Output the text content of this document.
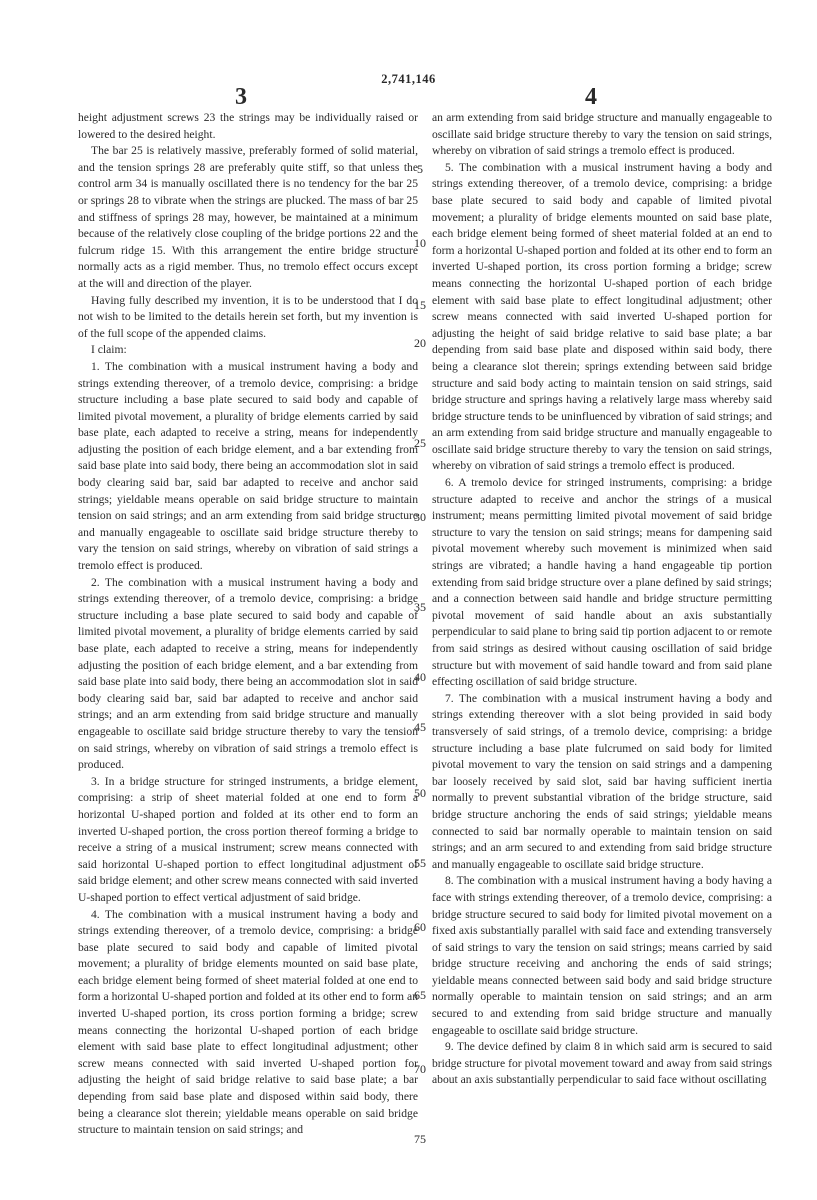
2,741,146
3	4

height adjustment screws 23 the strings may be individually raised or lowered to the desired height.

The bar 25 is relatively massive, preferably formed of solid material, and the tension springs 28 are preferably quite stiff, so that unless the control arm 34 is manually oscillated there is no tendency for the bar 25 or springs 28 to vibrate when the strings are plucked. The mass of bar 25 and stiffness of springs 28 may, however, be maintained at a minimum because of the relatively close coupling of the bridge portions 22 and the fulcrum ridge 15. With this arrangement the entire bridge structure normally acts as a rigid member. Thus, no tremolo effect occurs except at the will and direction of the player.

Having fully described my invention, it is to be understood that I do not wish to be limited to the details herein set forth, but my invention is of the full scope of the appended claims.

I claim:

1. The combination with a musical instrument having a body and strings extending thereover, of a tremolo device, comprising: a bridge structure including a base plate secured to said body and capable of limited pivotal movement, a plurality of bridge elements carried by said base plate, each adapted to receive a string, means for independently adjusting the position of each bridge element, and a bar extending from said base plate into said body, there being an accommodation slot in said body clearing said bar, said bar adapted to receive and anchor said strings; yieldable means operable on said bridge structure to maintain tension on said strings; and an arm extending from said bridge structure and manually engageable to oscillate said bridge structure thereby to vary the tension on said strings, whereby on vibration of said strings a tremolo effect is produced.

2. The combination with a musical instrument having a body and strings extending thereover, of a tremolo device, comprising: a bridge structure including a base plate secured to said body and capable of limited pivotal movement, a plurality of bridge elements carried by said base plate, each adapted to receive a string, means for independently adjusting the position of each bridge element, and a bar extending from said base plate into said body, there being an accommodation slot in said body clearing said bar, said bar adapted to receive and anchor said strings; and an arm extending from said bridge structure and manually engageable to oscillate said bridge structure thereby to vary the tension on said strings, whereby on vibration of said strings a tremolo effect is produced.

3. In a bridge structure for stringed instruments, a bridge element, comprising: a strip of sheet material folded at one end to form a horizontal U-shaped portion and folded at its other end to form an inverted U-shaped portion, the cross portion thereof forming a bridge to receive a string of a musical instrument; screw means connected with said horizontal U-shaped portion to effect longitudinal adjustment of said bridge element; and other screw means connected with said inverted U-shaped portion to effect vertical adjustment of said bridge.

4. The combination with a musical instrument having a body and strings extending thereover, of a tremolo device, comprising: a bridge base plate secured to said body and capable of limited pivotal movement; a plurality of bridge elements mounted on said base plate, each bridge element being formed of sheet material folded at one end to form a horizontal U-shaped portion and folded at its other end to form an inverted U-shaped portion, its cross portion forming a bridge; screw means connecting the horizontal U-shaped portion of each bridge element with said base plate to effect longitudinal adjustment; other screw means connected with said inverted U-shaped portion for adjusting the height of said bridge relative to said base plate; a bar depending from said base plate and disposed within said body, there being a clearance slot therein; yieldable means operable on said bridge structure to maintain tension on said strings; and

an arm extending from said bridge structure and manually engageable to oscillate said bridge structure thereby to vary the tension on said strings, whereby on vibration of said strings a tremolo effect is produced.

5. The combination with a musical instrument having a body and strings extending thereover, of a tremolo device, comprising: a bridge base plate secured to said body and capable of limited pivotal movement; a plurality of bridge elements mounted on said base plate, each bridge element being formed of sheet material folded at an end to form a horizontal U-shaped portion and folded at its other end to form an inverted U-shaped portion, its cross portion forming a bridge; screw means connecting the horizontal U-shaped portion of each bridge element with said base plate to effect longitudinal adjustment; other screw means connected with said inverted U-shaped portion for adjusting the height of said bridge relative to said base plate; a bar depending from said base plate and disposed within said body, there being a clearance slot therein; springs extending between said bridge structure and said body acting to maintain tension on said strings, said bridge structure and springs having a relatively large mass whereby said bridge structure tends to be uninfluenced by vibration of said strings; and an arm extending from said bridge structure and manually engageable to oscillate said bridge structure thereby to vary the tension on said strings, whereby on vibration of said strings a tremolo effect is produced.

6. A tremolo device for stringed instruments, comprising: a bridge structure adapted to receive and anchor the strings of a musical instrument; means permitting limited pivotal movement of said bridge structure to vary the tension on said strings; means for dampening said pivotal movement whereby such movement is minimized when said strings are vibrated; a handle having a hand engageable tip portion extending from said bridge structure over a plane defined by said strings; and a connection between said handle and bridge structure permitting pivotal movement of said handle about an axis substantially perpendicular to said plane to bring said tip portion adjacent to or remote from said strings as desired without causing oscillation of said bridge structure but with movement of said handle toward and from said plane effecting oscillation of said bridge structure.

7. The combination with a musical instrument having a body and strings extending thereover with a slot being provided in said body transversely of said strings, of a tremolo device, comprising: a bridge structure including a base plate fulcrumed on said body for limited pivotal movement to vary the tension on said strings and a dampening bar loosely received by said slot, said bar having sufficient inertia normally to prevent substantial vibration of the bridge structure, said bridge structure anchoring the ends of said strings; yieldable means connected to said bar normally operable to maintain tension on said strings; and an arm secured to and extending from said bridge structure and manually engageable to oscillate said bridge structure.

8. The combination with a musical instrument having a body having a face with strings extending thereover, of a tremolo device, comprising: a bridge structure secured to said body for limited pivotal movement on a fixed axis substantially parallel with said face and extending transversely of said strings to vary the tension on said strings; means carried by said bridge structure receiving and anchoring the ends of said strings; yieldable means connected between said body and said bridge structure normally operable to maintain tension on said strings; and an arm secured to and extending from said bridge structure and manually engageable to oscillate said bridge structure.

9. The device defined by claim 8 in which said arm is secured to said bridge structure for pivotal movement toward and away from said strings about an axis substantially perpendicular to said face without oscillating

5
10
15
20
25
30
35
40
45
50
55
60
65
70
75
